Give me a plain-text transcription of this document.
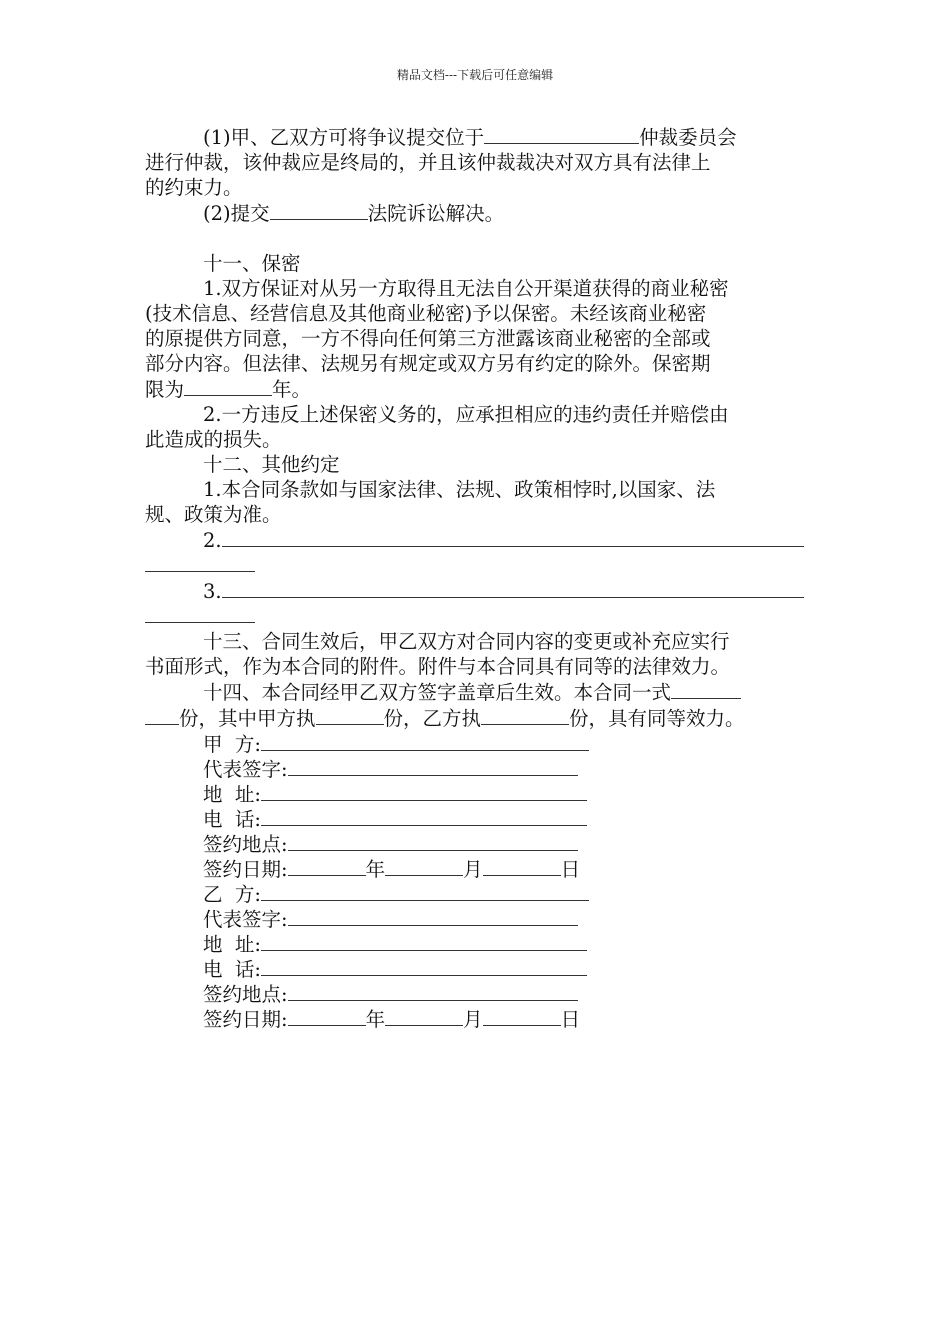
精品文档---下载后可任意编辑

(1)甲、乙双方可将争议提交位于	仲裁委员会

进行仲裁，该仲裁应是终局的，并且该仲裁裁决对双方具有法律上

的约束力。

(2)提交	法院诉讼解决。

十一、保密

1.双方保证对从另一方取得且无法自公开渠道获得的商业秘密

(技术信息、经营信息及其他商业秘密)予以保密。未经该商业秘密

的原提供方同意，一方不得向任何第三方泄露该商业秘密的全部或

部分内容。但法律、法规另有规定或双方另有约定的除外。保密期

限为	年。

2.一方违反上述保密义务的，应承担相应的违约责任并赔偿由

此造成的损失。

十二、其他约定

1.本合同条款如与国家法律、法规、政策相悖时,以国家、法

规、政策为准。

2.

3.

十三、合同生效后，甲乙双方对合同内容的变更或补充应实行

书面形式，作为本合同的附件。附件与本合同具有同等的法律效力。

十四、本合同经甲乙双方签字盖章后生效。本合同一式

份，其中甲方执	份，乙方执	份，具有同等效力。

甲  方:

代表签字:

地  址:

电  话:

签约地点:

签约日期:	年	月	日

乙  方:

代表签字:

地  址:

电  话:

签约地点:

签约日期:	年	月	日
